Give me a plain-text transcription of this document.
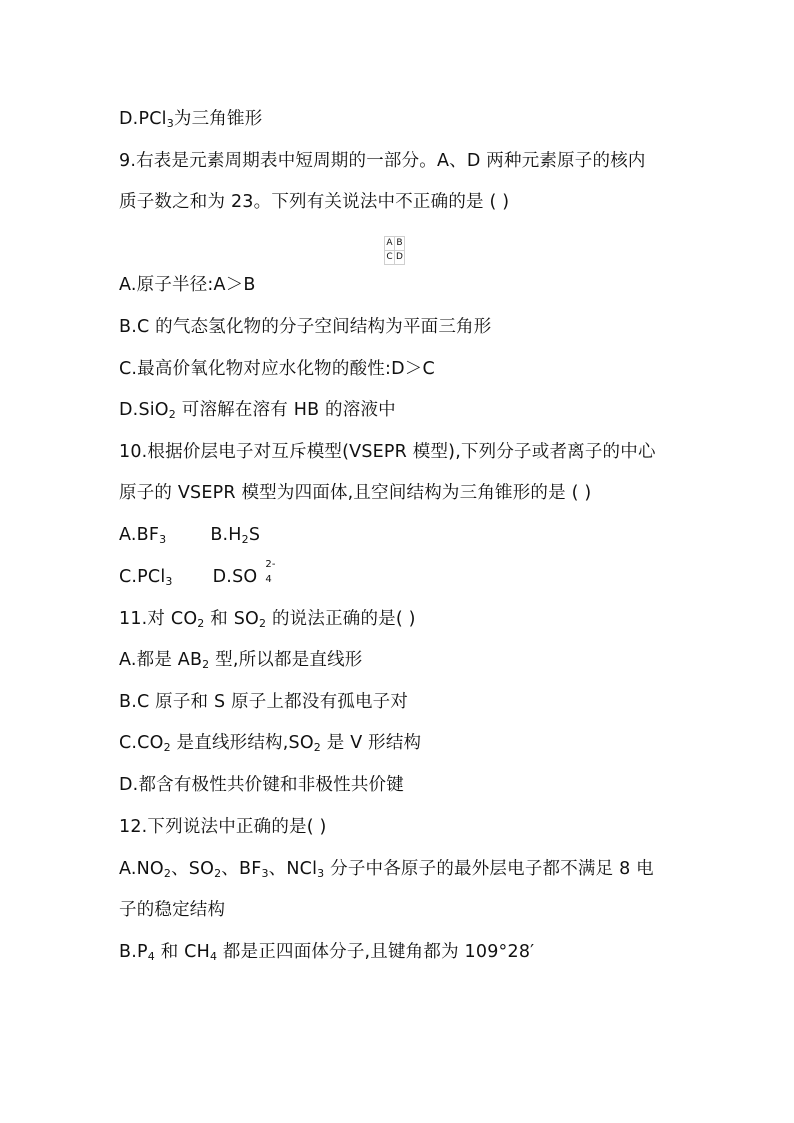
D.PCl$_3$为三角锥形
9.右表是元素周期表中短周期的一部分。A、D 两种元素原子的核内
质子数之和为 23。下列有关说法中不正确的是 ( )
A	B
C	D
A.原子半径:A＞B
B.C 的气态氢化物的分子空间结构为平面三角形
C.最高价氧化物对应水化物的酸性:D＞C
D.SiO$_2$ 可溶解在溶有 HB 的溶液中
10.根据价层电子对互斥模型(VSEPR 模型),下列分子或者离子的中心
原子的 VSEPR 模型为四面体,且空间结构为三角锥形的是 ( )
$A.BF_3$	$B.H_2S$
C.PCl$_3$ D.SO
2-
4
11.对 $CO_2$ 和 $SO_2$ 的说法正确的是( )
A.都是 $AB_2$ 型,所以都是直线形
B.C 原子和 S 原子上都没有孤电子对
$C.CO_2$ 是直线形结构$,SO_2$ 是 V 形结构
D.都含有极性共价键和非极性共价键
12.下列说法中正确的是( )
$A.NO_2$、$SO_2$、$BF_3$、NCl$_3$ 分子中各原子的最外层电子都不满足 8 电
子的稳定结构
$B.P_4$ 和 $CH_4$ 都是正四面体分子,且键角都为 109°28′
